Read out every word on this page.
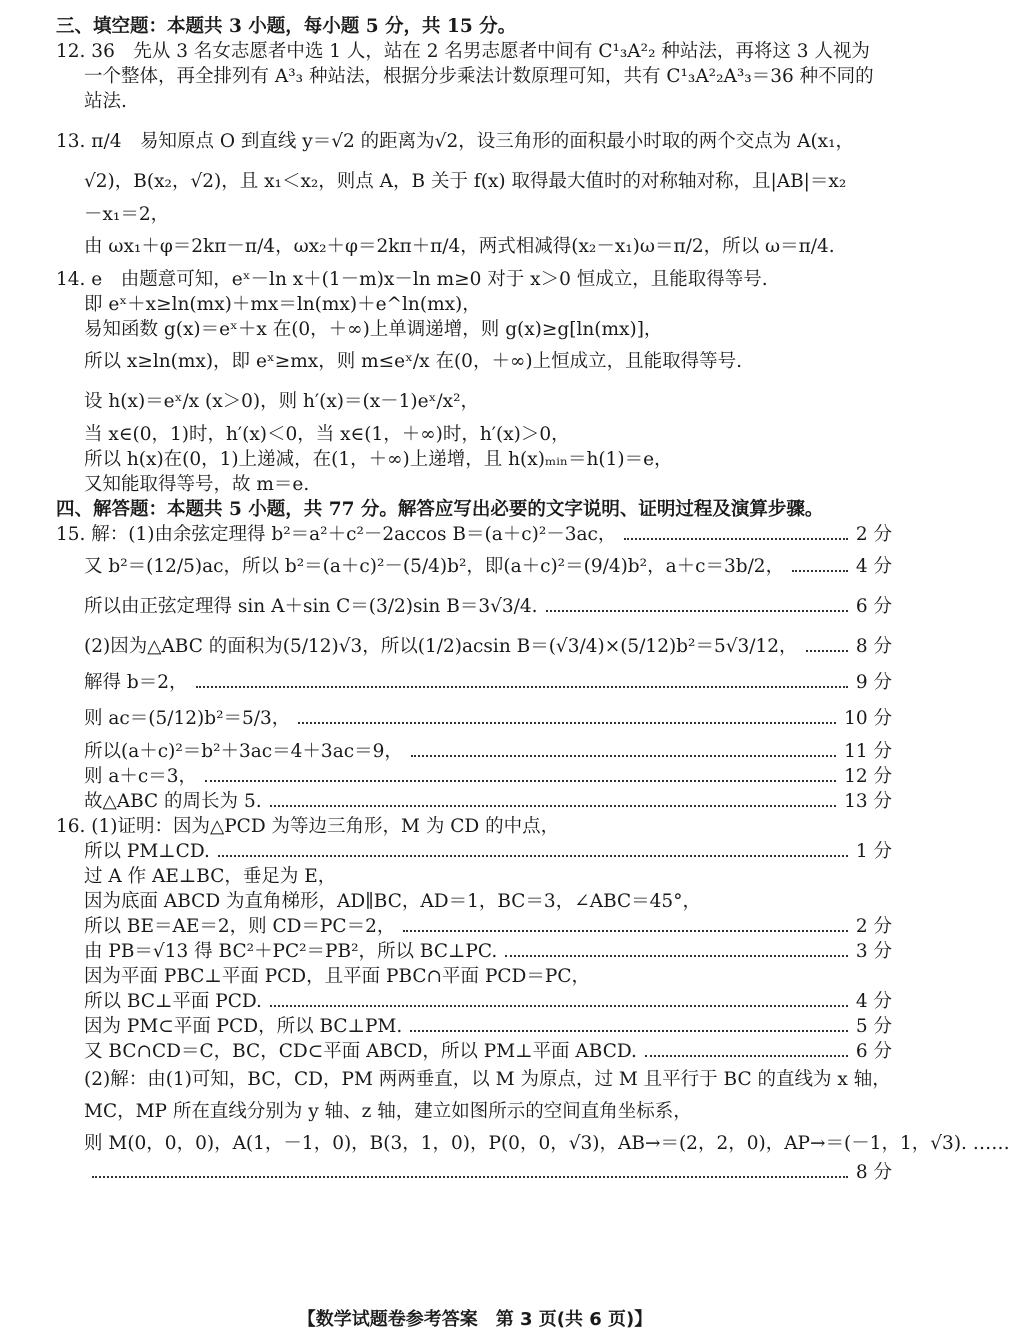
三、填空题：本题共 3 小题，每小题 5 分，共 15 分。
12. 36　先从 3 名女志愿者中选 1 人，站在 2 名男志愿者中间有 C¹₃A²₂ 种站法，再将这 3 人视为
一个整体，再全排列有 A³₃ 种站法，根据分步乘法计数原理可知，共有 C¹₃A²₂A³₃＝36 种不同的
站法.
13. π/4　易知原点 O 到直线 y＝√2 的距离为√2，设三角形的面积最小时取的两个交点为 A(x₁，
√2)，B(x₂，√2)，且 x₁＜x₂，则点 A，B 关于 f(x) 取得最大值时的对称轴对称，且|AB|＝x₂
－x₁＝2，
由 ωx₁＋φ＝2kπ－π/4，ωx₂＋φ＝2kπ＋π/4，两式相减得(x₂－x₁)ω＝π/2，所以 ω＝π/4.
14. e　由题意可知，eˣ－ln x＋(1－m)x－ln m≥0 对于 x＞0 恒成立，且能取得等号.
即 eˣ＋x≥ln(mx)＋mx＝ln(mx)＋e^ln(mx)，
易知函数 g(x)＝eˣ＋x 在(0，＋∞)上单调递增，则 g(x)≥g[ln(mx)]，
所以 x≥ln(mx)，即 eˣ≥mx，则 m≤eˣ/x 在(0，＋∞)上恒成立，且能取得等号.
设 h(x)＝eˣ/x (x＞0)，则 h′(x)＝(x－1)eˣ/x²，
当 x∈(0，1)时，h′(x)＜0，当 x∈(1，＋∞)时，h′(x)＞0，
所以 h(x)在(0，1)上递减，在(1，＋∞)上递增，且 h(x)ₘᵢₙ＝h(1)＝e，
又知能取得等号，故 m＝e.
四、解答题：本题共 5 小题，共 77 分。解答应写出必要的文字说明、证明过程及演算步骤。
15. 解：(1)由余弦定理得 b²＝a²＋c²－2accos B＝(a＋c)²－3ac，	2 分
又 b²＝(12/5)ac，所以 b²＝(a＋c)²－(5/4)b²，即(a＋c)²＝(9/4)b²，a＋c＝3b/2，	4 分
所以由正弦定理得 sin A＋sin C＝(3/2)sin B＝3√3/4.	6 分
(2)因为△ABC 的面积为(5/12)√3，所以(1/2)acsin B＝(√3/4)×(5/12)b²＝5√3/12，	8 分
解得 b＝2，	9 分
则 ac＝(5/12)b²＝5/3，	10 分
所以(a＋c)²＝b²＋3ac＝4＋3ac＝9，	11 分
则 a＋c＝3，	12 分
故△ABC 的周长为 5.	13 分
16. (1)证明：因为△PCD 为等边三角形，M 为 CD 的中点，
所以 PM⊥CD.	1 分
过 A 作 AE⊥BC，垂足为 E，
因为底面 ABCD 为直角梯形，AD∥BC，AD＝1，BC＝3，∠ABC＝45°，
所以 BE＝AE＝2，则 CD＝PC＝2，	2 分
由 PB＝√13 得 BC²＋PC²＝PB²，所以 BC⊥PC.	3 分
因为平面 PBC⊥平面 PCD，且平面 PBC∩平面 PCD＝PC，
所以 BC⊥平面 PCD.	4 分
因为 PM⊂平面 PCD，所以 BC⊥PM.	5 分
又 BC∩CD＝C，BC，CD⊂平面 ABCD，所以 PM⊥平面 ABCD.	6 分
(2)解：由(1)可知，BC，CD，PM 两两垂直，以 M 为原点，过 M 且平行于 BC 的直线为 x 轴，
MC，MP 所在直线分别为 y 轴、z 轴，建立如图所示的空间直角坐标系，
则 M(0，0，0)，A(1，－1，0)，B(3，1，0)，P(0，0，√3)，AB→＝(2，2，0)，AP→＝(－1，1，√3). ……
8 分
【数学试题卷参考答案　第 3 页(共 6 页)】
